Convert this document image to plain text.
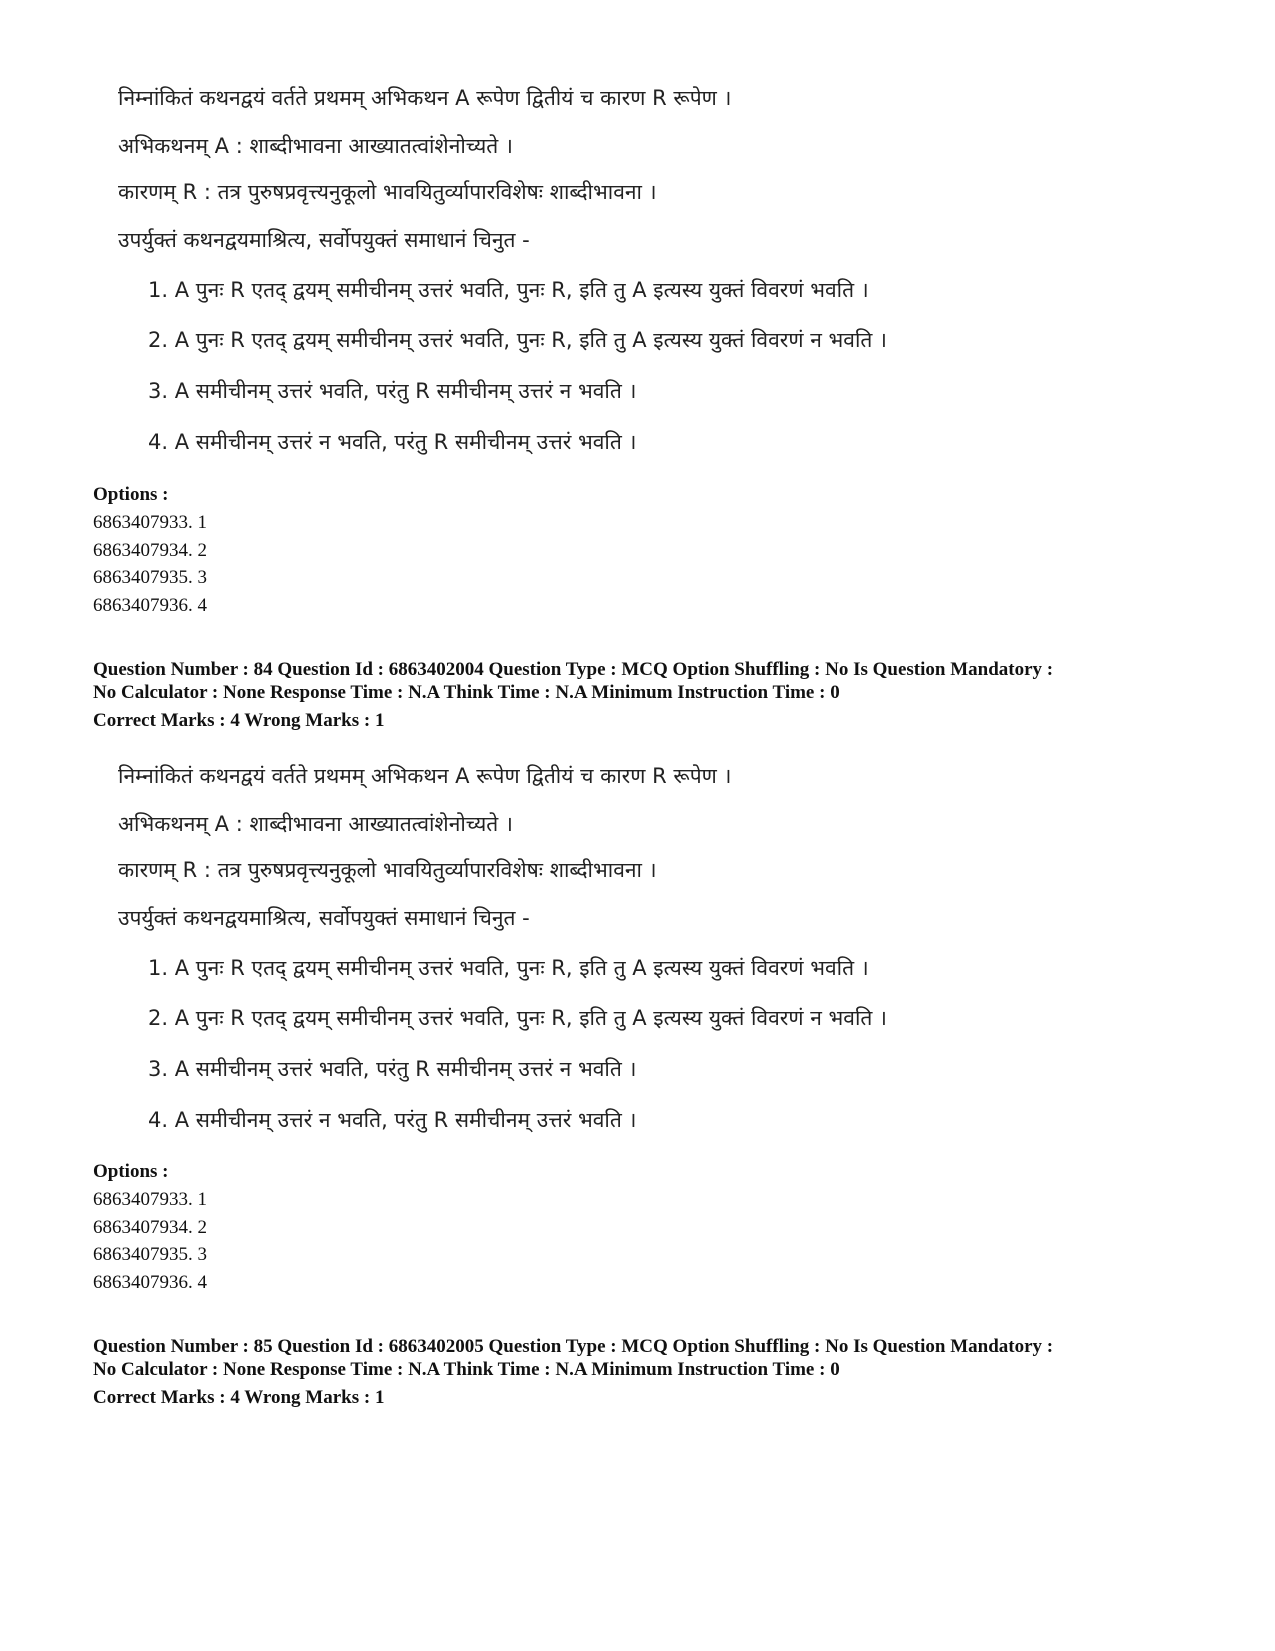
निम्नांकितं कथनद्वयं वर्तते प्रथमम् अभिकथन A रूपेण द्वितीयं च कारण R रूपेण ।
अभिकथनम् A : शाब्दीभावना आख्यातत्वांशेनोच्यते ।
कारणम् R : तत्र पुरुषप्रवृत्त्यनुकूलो भावयितुर्व्यापारविशेषः शाब्दीभावना ।
उपर्युक्तं कथनद्वयमाश्रित्य, सर्वोपयुक्तं समाधानं चिनुत -
1. A पुनः R एतद् द्वयम् समीचीनम् उत्तरं भवति, पुनः R, इति तु A इत्यस्य युक्तं विवरणं भवति ।
2. A पुनः R एतद् द्वयम् समीचीनम् उत्तरं भवति, पुनः R, इति तु A इत्यस्य युक्तं विवरणं न भवति ।
3. A समीचीनम् उत्तरं भवति, परंतु R समीचीनम् उत्तरं न भवति ।
4. A समीचीनम् उत्तरं न भवति, परंतु R समीचीनम् उत्तरं भवति ।
Options :
6863407933. 1
6863407934. 2
6863407935. 3
6863407936. 4
Question Number : 84 Question Id : 6863402004 Question Type : MCQ Option Shuffling : No Is Question Mandatory :
No Calculator : None Response Time : N.A Think Time : N.A Minimum Instruction Time : 0
Correct Marks : 4 Wrong Marks : 1
निम्नांकितं कथनद्वयं वर्तते प्रथमम् अभिकथन A रूपेण द्वितीयं च कारण R रूपेण ।
अभिकथनम् A : शाब्दीभावना आख्यातत्वांशेनोच्यते ।
कारणम् R : तत्र पुरुषप्रवृत्त्यनुकूलो भावयितुर्व्यापारविशेषः शाब्दीभावना ।
उपर्युक्तं कथनद्वयमाश्रित्य, सर्वोपयुक्तं समाधानं चिनुत -
1. A पुनः R एतद् द्वयम् समीचीनम् उत्तरं भवति, पुनः R, इति तु A इत्यस्य युक्तं विवरणं भवति ।
2. A पुनः R एतद् द्वयम् समीचीनम् उत्तरं भवति, पुनः R, इति तु A इत्यस्य युक्तं विवरणं न भवति ।
3. A समीचीनम् उत्तरं भवति, परंतु R समीचीनम् उत्तरं न भवति ।
4. A समीचीनम् उत्तरं न भवति, परंतु R समीचीनम् उत्तरं भवति ।
Options :
6863407933. 1
6863407934. 2
6863407935. 3
6863407936. 4
Question Number : 85 Question Id : 6863402005 Question Type : MCQ Option Shuffling : No Is Question Mandatory :
No Calculator : None Response Time : N.A Think Time : N.A Minimum Instruction Time : 0
Correct Marks : 4 Wrong Marks : 1
